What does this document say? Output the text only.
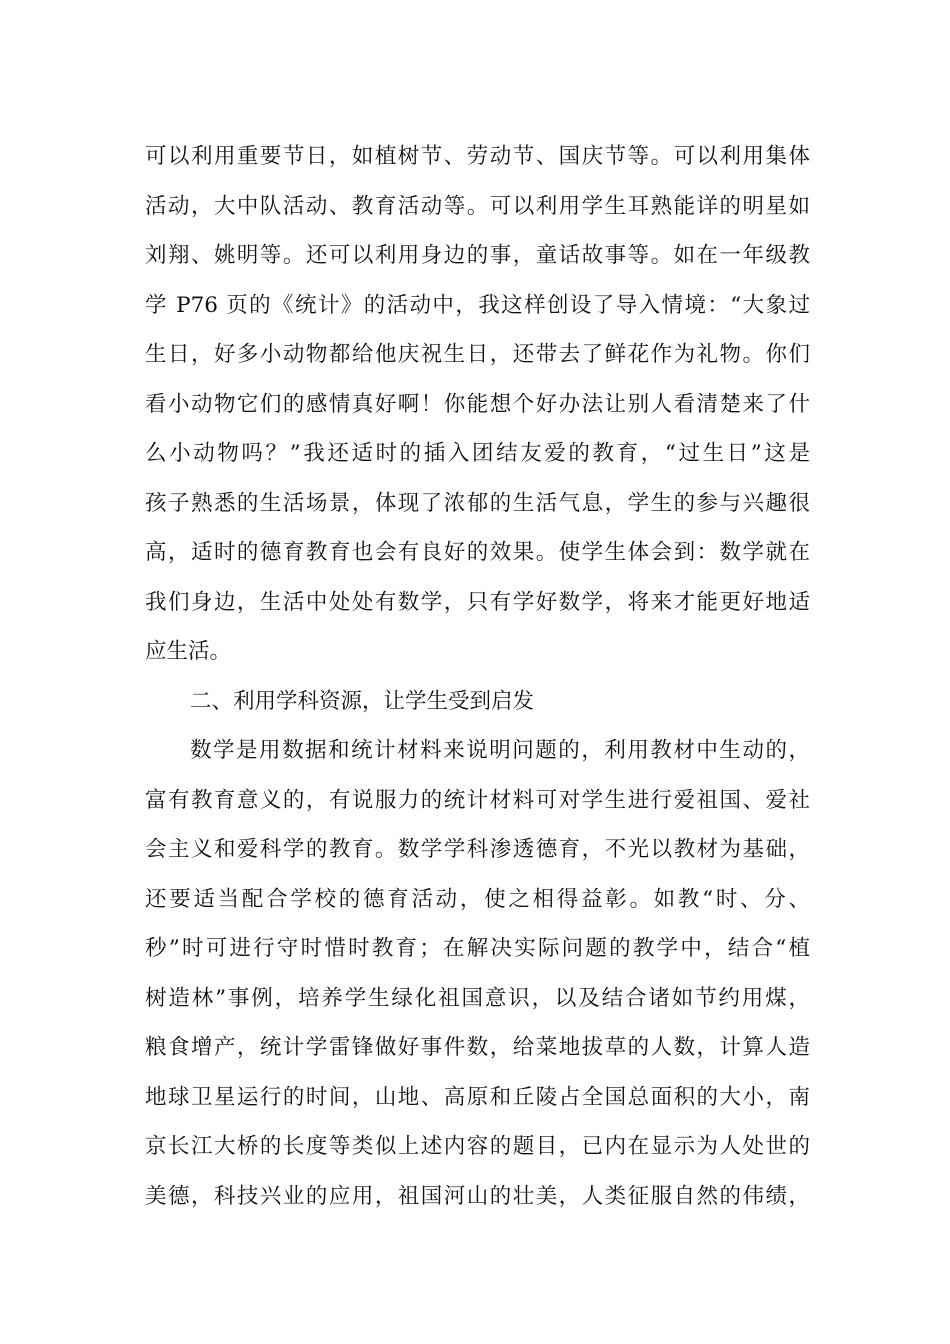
可以利用重要节日，如植树节、劳动节、国庆节等。可以利用集体
活动，大中队活动、教育活动等。可以利用学生耳熟能详的明星如
刘翔、姚明等。还可以利用身边的事，童话故事等。如在一年级教
学 P76 页的《统计》的活动中，我这样创设了导入情境：“大象过
生日，好多小动物都给他庆祝生日，还带去了鲜花作为礼物。你们
看小动物它们的感情真好啊！你能想个好办法让别人看清楚来了什
么小动物吗？”我还适时的插入团结友爱的教育，“过生日”这是
孩子熟悉的生活场景，体现了浓郁的生活气息，学生的参与兴趣很
高，适时的德育教育也会有良好的效果。使学生体会到：数学就在
我们身边，生活中处处有数学，只有学好数学，将来才能更好地适
应生活。
二、利用学科资源，让学生受到启发
数学是用数据和统计材料来说明问题的，利用教材中生动的，
富有教育意义的，有说服力的统计材料可对学生进行爱祖国、爱社
会主义和爱科学的教育。数学学科渗透德育，不光以教材为基础，
还要适当配合学校的德育活动，使之相得益彰。如教“时、分、
秒”时可进行守时惜时教育；在解决实际问题的教学中，结合“植
树造林”事例，培养学生绿化祖国意识，以及结合诸如节约用煤，
粮食增产，统计学雷锋做好事件数，给菜地拔草的人数，计算人造
地球卫星运行的时间，山地、高原和丘陵占全国总面积的大小，南
京长江大桥的长度等类似上述内容的题目，已内在显示为人处世的
美德，科技兴业的应用，祖国河山的壮美，人类征服自然的伟绩，
